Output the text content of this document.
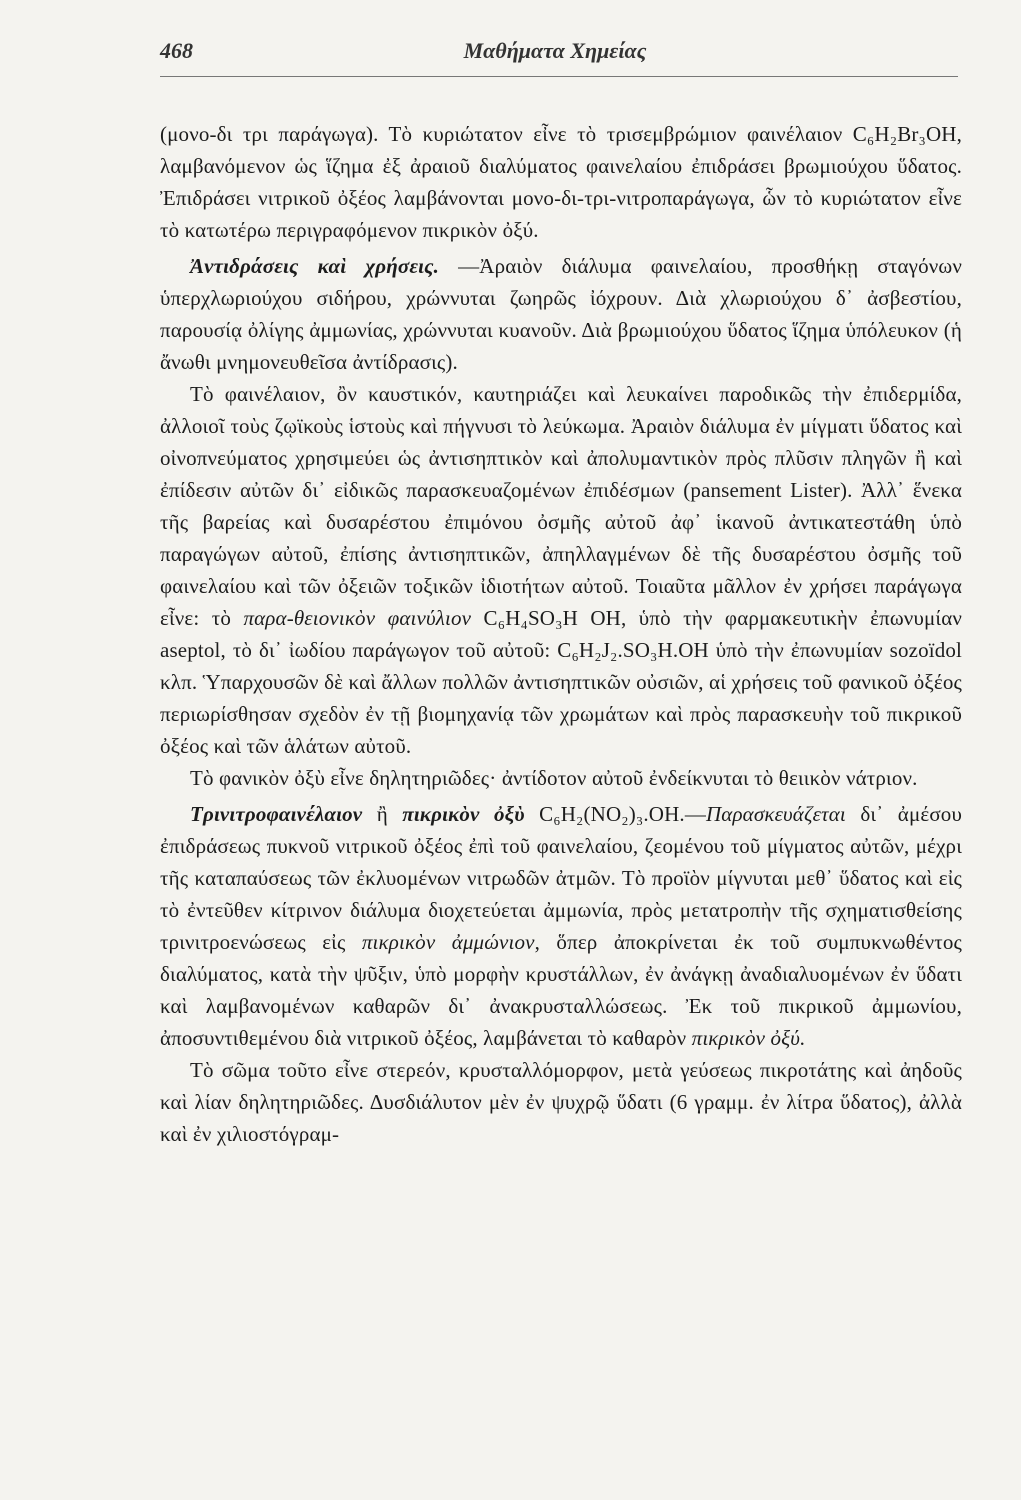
468	Μαθήματα Χημείας

(μονο-δι τρι παράγωγα). Τὸ κυριώτατον εἶνε τὸ τρισεμβρώμιον φαινέλαιον C₆H₂Br₃OH, λαμβανόμενον ὡς ἵζημα ἐξ ἀραιοῦ διαλύματος φαινελαίου ἐπιδράσει βρωμιούχου ὕδατος. Ἐπιδράσει νιτρικοῦ ὀξέος λαμβάνονται μονο-δι-τρι-νιτροπαράγωγα, ὧν τὸ κυριώτατον εἶνε τὸ κατωτέρω περιγραφόμενον πικρικὸν ὀξύ.

Ἀντιδράσεις καὶ χρήσεις. —Ἀραιὸν διάλυμα φαινελαίου, προσθήκῃ σταγόνων ὑπερχλωριούχου σιδήρου, χρώννυται ζωηρῶς ἰόχρουν. Διὰ χλωριούχου δ᾽ ἀσβεστίου, παρουσίᾳ ὀλίγης ἀμμωνίας, χρώννυται κυανοῦν. Διὰ βρωμιούχου ὕδατος ἵζημα ὑπόλευκον (ἡ ἄνωθι μνημονευθεῖσα ἀντίδρασις).

Τὸ φαινέλαιον, ὂν καυστικόν, καυτηριάζει καὶ λευκαίνει παροδικῶς τὴν ἐπιδερμίδα, ἀλλοιοῖ τοὺς ζῳϊκοὺς ἱστοὺς καὶ πήγνυσι τὸ λεύκωμα. Ἀραιὸν διάλυμα ἐν μίγματι ὕδατος καὶ οἰνοπνεύματος χρησιμεύει ὡς ἀντισηπτικὸν καὶ ἀπολυμαντικὸν πρὸς πλῦσιν πληγῶν ἢ καὶ ἐπίδεσιν αὐτῶν δι᾽ εἰδικῶς παρασκευαζομένων ἐπιδέσμων (pansement Lister). Ἀλλ᾽ ἕνεκα τῆς βαρείας καὶ δυσαρέστου ἐπιμόνου ὀσμῆς αὐτοῦ ἀφ᾽ ἱκανοῦ ἀντικατεστάθη ὑπὸ παραγώγων αὐτοῦ, ἐπίσης ἀντισηπτικῶν, ἀπηλλαγμένων δὲ τῆς δυσαρέστου ὀσμῆς τοῦ φαινελαίου καὶ τῶν ὀξειῶν τοξικῶν ἰδιοτήτων αὐτοῦ. Τοιαῦτα μᾶλλον ἐν χρήσει παράγωγα εἶνε: τὸ παρα-θειονικὸν φαινύλιον C₆H₄SO₃H OH, ὑπὸ τὴν φαρμακευτικὴν ἐπωνυμίαν aseptol, τὸ δι᾽ ἰωδίου παράγωγον τοῦ αὐτοῦ: C₆H₂J₂.SO₃H.OH ὑπὸ τὴν ἐπωνυμίαν sozoïdol κλπ. Ὑπαρχουσῶν δὲ καὶ ἄλλων πολλῶν ἀντισηπτικῶν οὐσιῶν, αἱ χρήσεις τοῦ φανικοῦ ὀξέος περιωρίσθησαν σχεδὸν ἐν τῇ βιομηχανίᾳ τῶν χρωμάτων καὶ πρὸς παρασκευὴν τοῦ πικρικοῦ ὀξέος καὶ τῶν ἁλάτων αὐτοῦ.

Τὸ φανικὸν ὀξὺ εἶνε δηλητηριῶδες· ἀντίδοτον αὐτοῦ ἐνδείκνυται τὸ θειικὸν νάτριον.

Τρινιτροφαινέλαιον ἢ πικρικὸν ὀξὺ C₆H₂(NO₂)₃.OH.—Παρασκευάζεται δι᾽ ἀμέσου ἐπιδράσεως πυκνοῦ νιτρικοῦ ὀξέος ἐπὶ τοῦ φαινελαίου, ζεομένου τοῦ μίγματος αὐτῶν, μέχρι τῆς καταπαύσεως τῶν ἐκλυομένων νιτρωδῶν ἀτμῶν. Τὸ προϊὸν μίγνυται μεθ᾽ ὕδατος καὶ εἰς τὸ ἐντεῦθεν κίτρινον διάλυμα διοχετεύεται ἀμμωνία, πρὸς μετατροπὴν τῆς σχηματισθείσης τρινιτροενώσεως εἰς πικρικὸν ἀμμώνιον, ὅπερ ἀποκρίνεται ἐκ τοῦ συμπυκνωθέντος διαλύματος, κατὰ τὴν ψῦξιν, ὑπὸ μορφὴν κρυστάλλων, ἐν ἀνάγκῃ ἀναδιαλυομένων ἐν ὕδατι καὶ λαμβανομένων καθαρῶν δι᾽ ἀνακρυσταλλώσεως. Ἐκ τοῦ πικρικοῦ ἀμμωνίου, ἀποσυντιθεμένου διὰ νιτρικοῦ ὀξέος, λαμβάνεται τὸ καθαρὸν πικρικὸν ὀξύ.

Τὸ σῶμα τοῦτο εἶνε στερεόν, κρυσταλλόμορφον, μετὰ γεύσεως πικροτάτης καὶ ἀηδοῦς καὶ λίαν δηλητηριῶδες. Δυσδιάλυτον μὲν ἐν ψυχρῷ ὕδατι (6 γραμμ. ἐν λίτρα ὕδατος), ἀλλὰ καὶ ἐν χιλιοστόγραμ-
